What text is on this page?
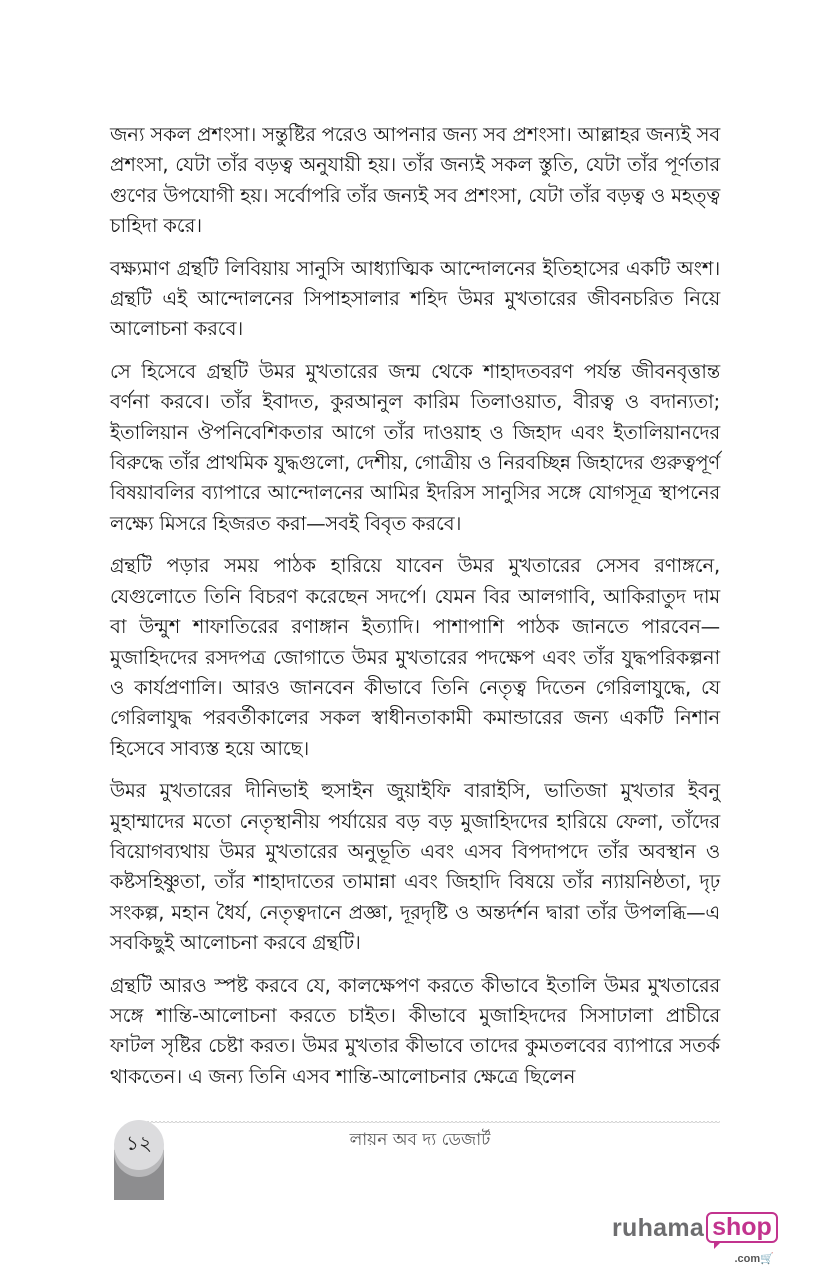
জন্য সকল প্রশংসা। সন্তুষ্টির পরেও আপনার জন্য সব প্রশংসা। আল্লাহর জন্যই সব প্রশংসা, যেটা তাঁর বড়ত্ব অনুযায়ী হয়। তাঁর জন্যই সকল স্তুতি, যেটা তাঁর পূর্ণতার গুণের উপযোগী হয়। সর্বোপরি তাঁর জন্যই সব প্রশংসা, যেটা তাঁর বড়ত্ব ও মহত্ত্ব চাহিদা করে।

বক্ষ্যমাণ গ্রন্থটি লিবিয়ায় সানুসি আধ্যাত্মিক আন্দোলনের ইতিহাসের একটি অংশ। গ্রন্থটি এই আন্দোলনের সিপাহসালার শহিদ উমর মুখতারের জীবনচরিত নিয়ে আলোচনা করবে।

সে হিসেবে গ্রন্থটি উমর মুখতারের জন্ম থেকে শাহাদতবরণ পর্যন্ত জীবনবৃত্তান্ত বর্ণনা করবে। তাঁর ইবাদত, কুরআনুল কারিম তিলাওয়াত, বীরত্ব ও বদান্যতা; ইতালিয়ান ঔপনিবেশিকতার আগে তাঁর দাওয়াহ ও জিহাদ এবং ইতালিয়ানদের বিরুদ্ধে তাঁর প্রাথমিক যুদ্ধগুলো, দেশীয়, গোত্রীয় ও নিরবচ্ছিন্ন জিহাদের গুরুত্বপূর্ণ বিষয়াবলির ব্যাপারে আন্দোলনের আমির ইদরিস সানুসির সঙ্গে যোগসূত্র স্থাপনের লক্ষ্যে মিসরে হিজরত করা—সবই বিবৃত করবে।

গ্রন্থটি পড়ার সময় পাঠক হারিয়ে যাবেন উমর মুখতারের সেসব রণাঙ্গনে, যেগুলোতে তিনি বিচরণ করেছেন সদর্পে। যেমন বির আলগাবি, আকিরাতুদ দাম বা উন্মুশ শাফাতিরের রণাঙ্গান ইত্যাদি। পাশাপাশি পাঠক জানতে পারবেন—মুজাহিদদের রসদপত্র জোগাতে উমর মুখতারের পদক্ষেপ এবং তাঁর যুদ্ধপরিকল্পনা ও কার্যপ্রণালি। আরও জানবেন কীভাবে তিনি নেতৃত্ব দিতেন গেরিলাযুদ্ধে, যে গেরিলাযুদ্ধ পরবর্তীকালের সকল স্বাধীনতাকামী কমান্ডারের জন্য একটি নিশান হিসেবে সাব্যস্ত হয়ে আছে।

উমর মুখতারের দীনিভাই হুসাইন জুয়াইফি বারাইসি, ভাতিজা মুখতার ইবনু মুহাম্মাদের মতো নেতৃস্থানীয় পর্যায়ের বড় বড় মুজাহিদদের হারিয়ে ফেলা, তাঁদের বিয়োগব্যথায় উমর মুখতারের অনুভূতি এবং এসব বিপদাপদে তাঁর অবস্থান ও কষ্টসহিষ্ণুতা, তাঁর শাহাদাতের তামান্না এবং জিহাদি বিষয়ে তাঁর ন্যায়নিষ্ঠতা, দৃঢ় সংকল্প, মহান ধৈর্য, নেতৃত্বদানে প্রজ্ঞা, দূরদৃষ্টি ও অন্তর্দর্শন দ্বারা তাঁর উপলব্ধি—এ সবকিছুই আলোচনা করবে গ্রন্থটি।

গ্রন্থটি আরও স্পষ্ট করবে যে, কালক্ষেপণ করতে কীভাবে ইতালি উমর মুখতারের সঙ্গে শান্তি-আলোচনা করতে চাইত। কীভাবে মুজাহিদদের সিসাঢালা প্রাচীরে ফাটল সৃষ্টির চেষ্টা করত। উমর মুখতার কীভাবে তাদের কুমতলবের ব্যাপারে সতর্ক থাকতেন। এ জন্য তিনি এসব শান্তি-আলোচনার ক্ষেত্রে ছিলেন

১২	লায়ন অব দ্য ডেজার্ট
ruhama shop
.com🛒
